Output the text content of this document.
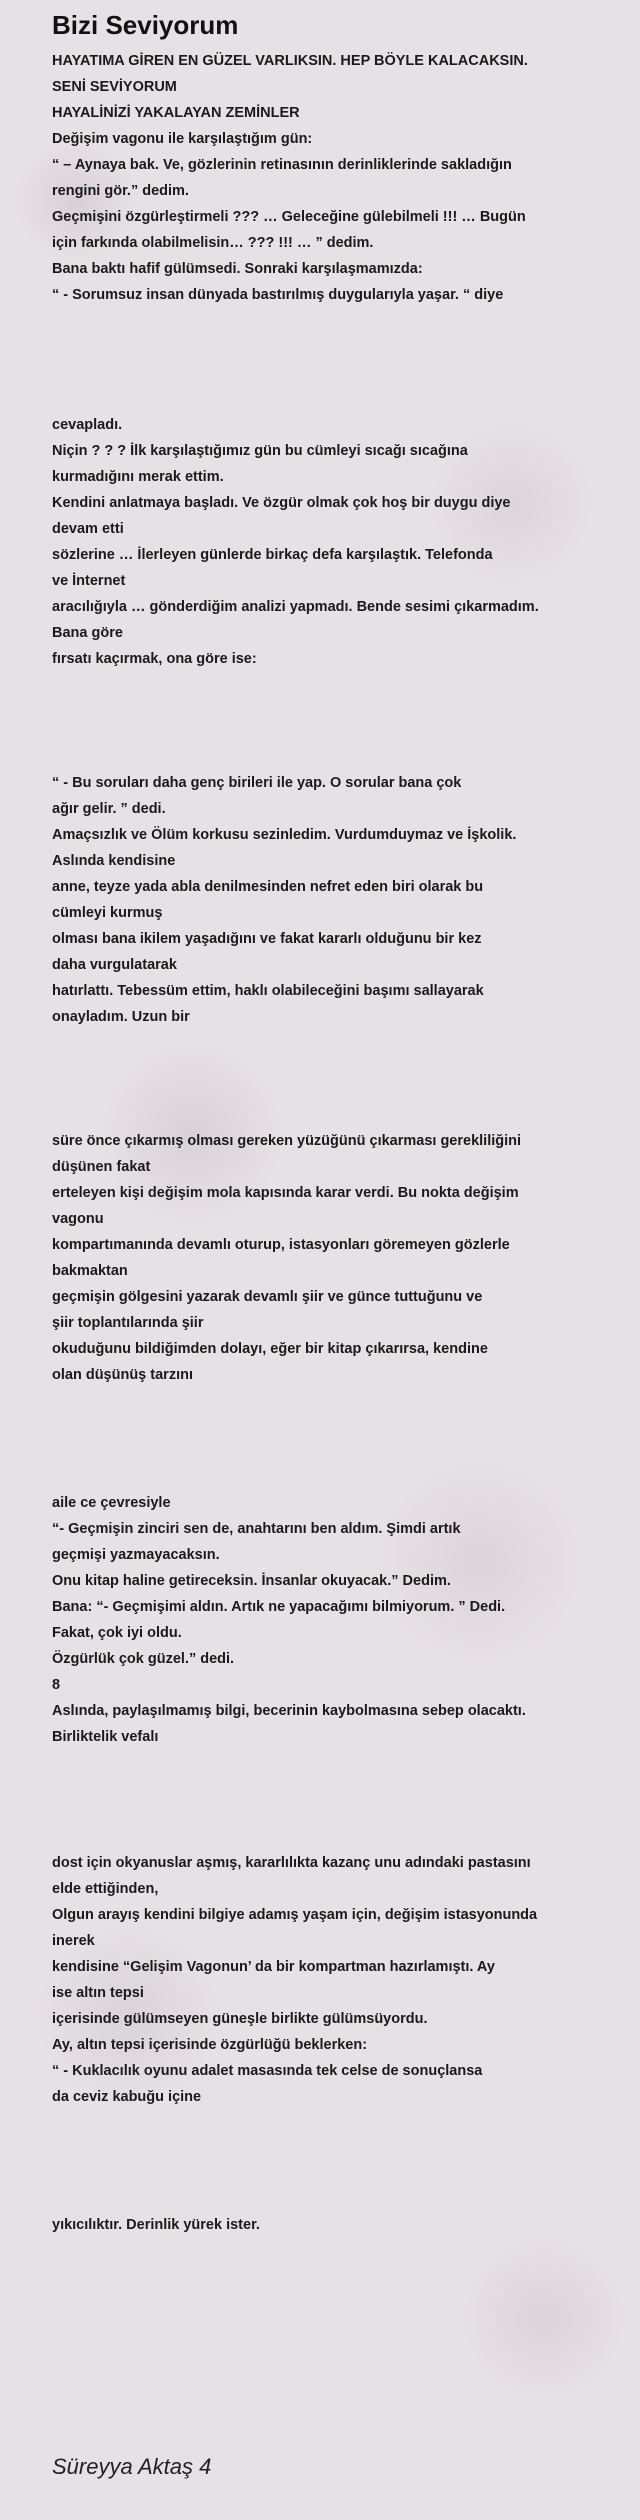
Bizi Seviyorum

HAYATIMA GİREN EN GÜZEL VARLIKSIN. HEP BÖYLE KALACAKSIN.

SENİ SEVİYORUM

HAYALİNİZİ YAKALAYAN ZEMİNLER

Değişim vagonu ile karşılaştığım gün:

“ – Aynaya bak. Ve, gözlerinin retinasının derinliklerinde sakladığın

rengini gör.” dedim.

Geçmişini özgürleştirmeli ??? … Geleceğine gülebilmeli !!! … Bugün

için farkında olabilmelisin… ??? !!! … ” dedim.

Bana baktı hafif gülümsedi. Sonraki karşılaşmamızda:

“ - Sorumsuz insan dünyada bastırılmış duygularıyla yaşar. “ diye

cevapladı.

Niçin ? ? ? İlk karşılaştığımız gün bu cümleyi sıcağı sıcağına

kurmadığını merak ettim.

Kendini anlatmaya başladı. Ve özgür olmak çok hoş bir duygu diye

devam etti

sözlerine … İlerleyen günlerde birkaç defa karşılaştık. Telefonda

ve İnternet

aracılığıyla … gönderdiğim analizi yapmadı. Bende sesimi çıkarmadım.

Bana göre

fırsatı kaçırmak, ona göre ise:

“ - Bu soruları daha genç birileri ile yap. O sorular bana çok

ağır gelir. ” dedi.

Amaçsızlık ve Ölüm korkusu sezinledim. Vurdumduymaz ve İşkolik.

Aslında kendisine

anne, teyze yada abla denilmesinden nefret eden biri olarak bu

cümleyi kurmuş

olması bana ikilem yaşadığını ve fakat kararlı olduğunu bir kez

daha vurgulatarak

hatırlattı. Tebessüm ettim, haklı olabileceğini başımı sallayarak

onayladım. Uzun bir

süre önce çıkarmış olması gereken yüzüğünü çıkarması gerekliliğini

düşünen fakat

erteleyen kişi değişim mola kapısında karar verdi. Bu nokta değişim

vagonu

kompartımanında devamlı oturup, istasyonları göremeyen gözlerle

bakmaktan

geçmişin gölgesini yazarak devamlı şiir ve günce tuttuğunu ve

şiir toplantılarında şiir

okuduğunu bildiğimden dolayı, eğer bir kitap çıkarırsa, kendine

olan düşünüş tarzını

aile ce çevresiyle

“- Geçmişin zinciri sen de, anahtarını ben aldım. Şimdi artık

geçmişi yazmayacaksın.

Onu kitap haline getireceksin. İnsanlar okuyacak.” Dedim.

Bana: “- Geçmişimi aldın. Artık ne yapacağımı bilmiyorum. ” Dedi.

Fakat, çok iyi oldu.

Özgürlük çok güzel.” dedi.

8

Aslında, paylaşılmamış bilgi, becerinin kaybolmasına sebep olacaktı.

Birliktelik vefalı

dost için okyanuslar aşmış, kararlılıkta kazanç unu adındaki pastasını

elde ettiğinden,

Olgun arayış kendini bilgiye adamış yaşam için, değişim istasyonunda

inerek

kendisine “Gelişim Vagonun’ da bir kompartman hazırlamıştı. Ay

ise altın tepsi

içerisinde gülümseyen güneşle birlikte gülümsüyordu.

Ay, altın tepsi içerisinde özgürlüğü beklerken:

“ - Kuklacılık oyunu adalet masasında tek celse de sonuçlansa

da ceviz kabuğu içine

yıkıcılıktır. Derinlik yürek ister.

Süreyya Aktaş 4
